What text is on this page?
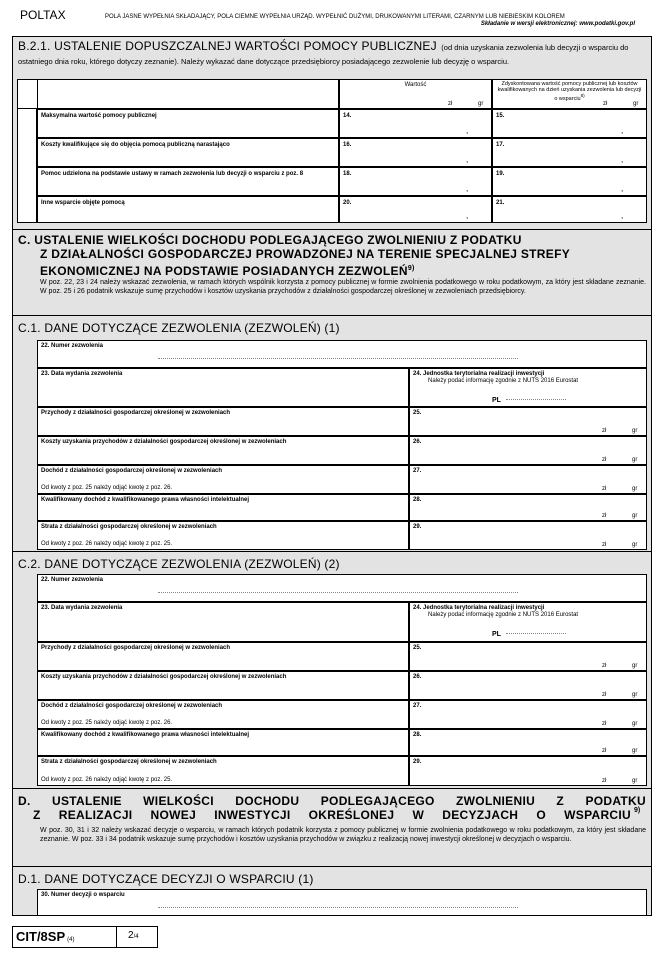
POLTAX	POLA JASNE WYPEŁNIA SKŁADAJĄCY, POLA CIEMNE WYPEŁNIA URZĄD. WYPEŁNIĆ DUŻYMI, DRUKOWANYMI LITERAMI, CZARNYM LUB NIEBIESKIM KOLOREM
Składanie w wersji elektronicznej: www.podatki.gov.pl
B.2.1. USTALENIE DOPUSZCZALNEJ WARTOŚCI POMOCY PUBLICZNEJ (od dnia uzyskania zezwolenia lub decyzji o wsparciu do ostatniego dnia roku, którego dotyczy zeznanie). Należy wykazać dane dotyczące przedsiębiorcy posiadającego zezwolenie lub decyzję o wsparciu.
Wartość
zł	gr
Zdyskontowana wartość pomocy publicznej lub kosztów kwalifikowanych na dzień uzyskania zezwolenia lub decyzji o wsparciu$^{8)}$
zł	gr
Maksymalna wartość pomocy publicznej	14.
,
15.
,
Koszty kwalifikujące się do objęcia pomocą publiczną narastająco	16.
,
17.
,
Pomoc udzielona na podstawie ustawy w ramach zezwolenia lub decyzji o wsparciu z poz. 8	18.
,
19.
,
Inne wsparcie objęte pomocą	20.
,
21.
,
C. USTALENIE WIELKOŚCI DOCHODU PODLEGAJĄCEGO ZWOLNIENIU Z PODATKU
Z DZIAŁALNOŚCI GOSPODARCZEJ PROWADZONEJ NA TERENIE SPECJALNEJ STREFY
EKONOMICZNEJ NA PODSTAWIE POSIADANYCH ZEZWOLEŃ$^{9)}$
W poz. 22, 23 i 24 należy wskazać zezwolenia, w ramach których wspólnik korzysta z pomocy publicznej w formie zwolnienia podatkowego w roku podatkowym, za który jest składane zeznanie. W poz. 25 i 26 podatnik wskazuje sumę przychodów i kosztów uzyskania przychodów z działalności gospodarczej określonej w zezwoleniach przedsiębiorcy.
C.1. DANE DOTYCZĄCE ZEZWOLENIA (ZEZWOLEŃ) (1)
22. Numer zezwolenia
23. Data wydania zezwolenia	24. Jednostka terytorialna realizacji inwestycji
Należy podać informację zgodnie z NUTS 2016 Eurostat
PL
Przychody z działalności gospodarczej określonej w zezwoleniach	25.
zł	gr
Koszty uzyskania przychodów z działalności gospodarczej określonej w zezwoleniach	26.
zł	gr
Dochód z działalności gospodarczej określonej w zezwoleniach
Od kwoty z poz. 25 należy odjąć kwotę z poz. 26.
27.
zł	gr
Kwalifikowany dochód z kwalifikowanego prawa własności intelektualnej	28.
zł	gr
Strata z działalności gospodarczej określonej w zezwoleniach
Od kwoty z poz. 26 należy odjąć kwotę z poz. 25.
29.
zł	gr
C.2. DANE DOTYCZĄCE ZEZWOLENIA (ZEZWOLEŃ) (2)
22. Numer zezwolenia
23. Data wydania zezwolenia	24. Jednostka terytorialna realizacji inwestycji
Należy podać informację zgodnie z NUTS 2016 Eurostat
PL
Przychody z działalności gospodarczej określonej w zezwoleniach	25.
zł	gr
Koszty uzyskania przychodów z działalności gospodarczej określonej w zezwoleniach	26.
zł	gr
Dochód z działalności gospodarczej określonej w zezwoleniach
Od kwoty z poz. 25 należy odjąć kwotę z poz. 26.
27.
zł	gr
Kwalifikowany dochód z kwalifikowanego prawa własności intelektualnej	28.
zł	gr
Strata z działalności gospodarczej określonej w zezwoleniach
Od kwoty z poz. 26 należy odjąć kwotę z poz. 25.
29.
zł	gr
D. USTALENIE WIELKOŚCI DOCHODU PODLEGAJĄCEGO ZWOLNIENIU Z PODATKU
Z REALIZACJI NOWEJ INWESTYCJI OKREŚLONEJ W DECYZJACH O WSPARCIU 9)
W poz. 30, 31 i 32 należy wskazać decyzje o wsparciu, w ramach których podatnik korzysta z pomocy publicznej w formie zwolnienia podatkowego w roku podatkowym, za który jest składane zeznanie. W poz. 33 i 34 podatnik wskazuje sumę przychodów i kosztów uzyskania przychodów w związku z realizacją nowej inwestycji określonej w decyzjach o wsparciu.
D.1. DANE DOTYCZĄCE DECYZJI O WSPARCIU (1)
30. Numer decyzji o wsparciu
CIT/8SP (4)	2/4
